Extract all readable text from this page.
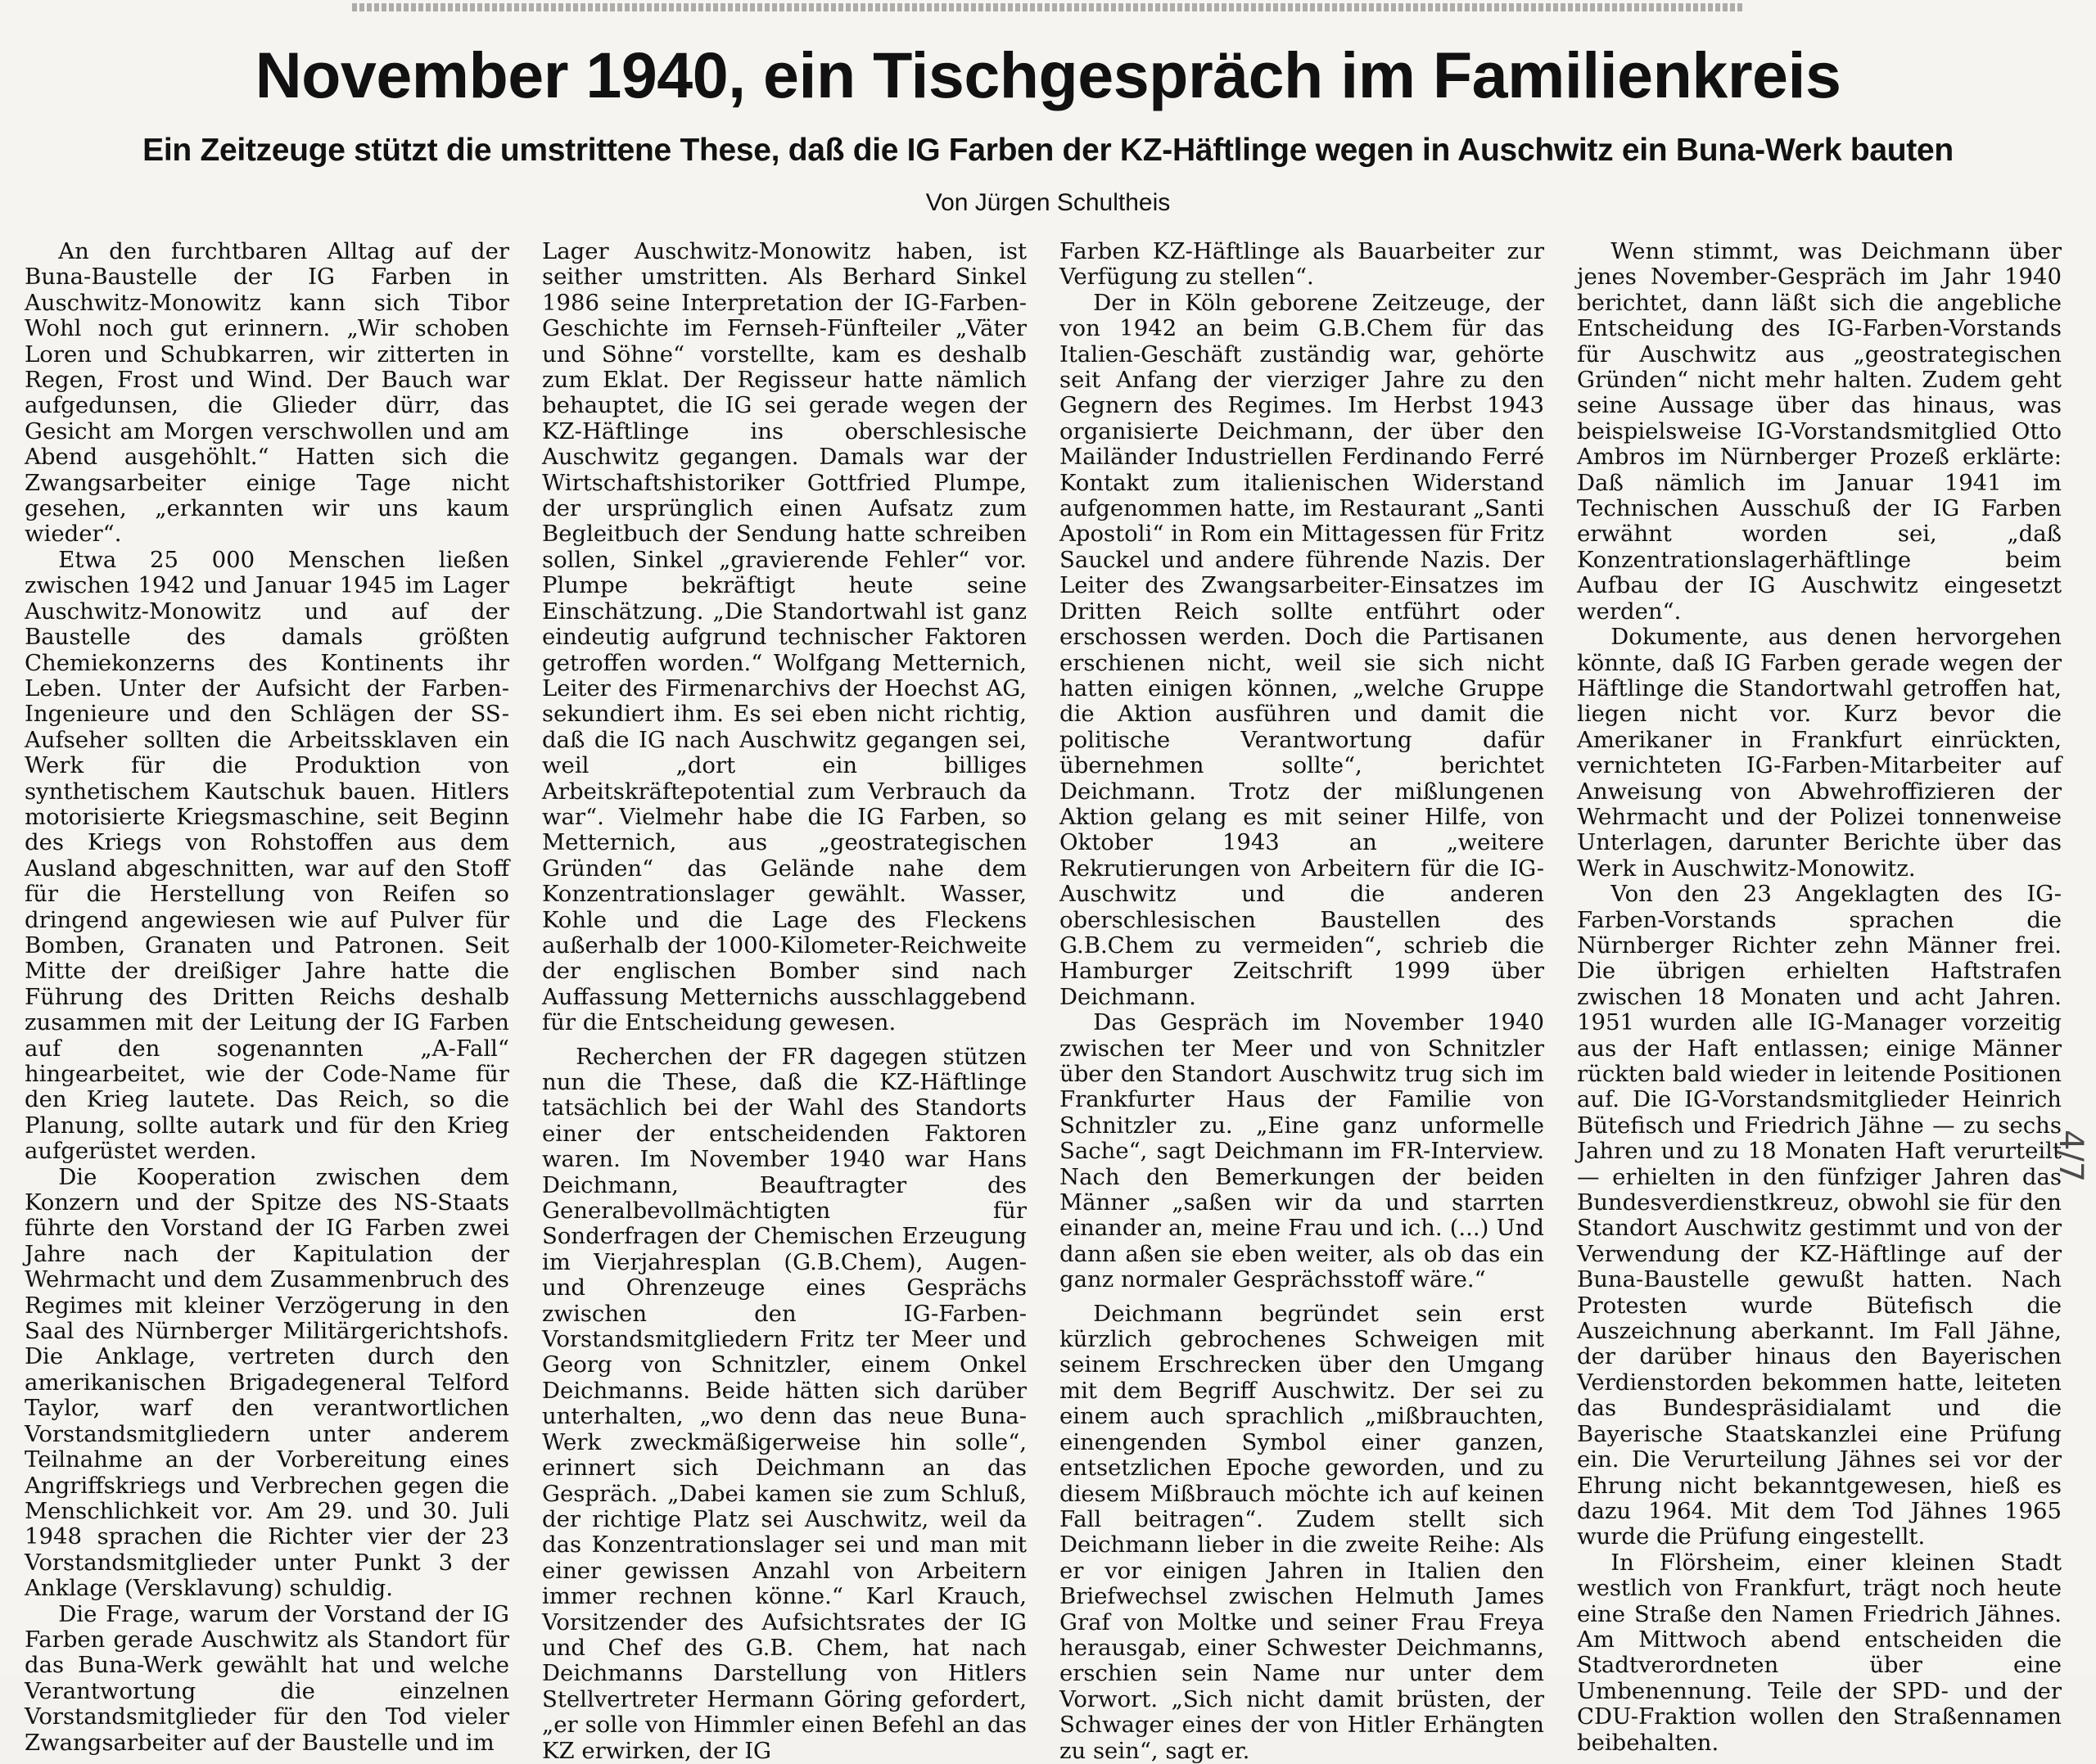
November 1940, ein Tischgespräch im Familienkreis
Ein Zeitzeuge stützt die umstrittene These, daß die IG Farben der KZ-Häftlinge wegen in Auschwitz ein Buna-Werk bauten
Von Jürgen Schultheis

An den furchtbaren Alltag auf der Buna-Baustelle der IG Farben in Auschwitz-Monowitz kann sich Tibor Wohl noch gut erinnern. „Wir schoben Loren und Schubkarren, wir zitterten in Regen, Frost und Wind. Der Bauch war aufgedunsen, die Glieder dürr, das Gesicht am Morgen verschwollen und am Abend ausgehöhlt.“ Hatten sich die Zwangsarbeiter einige Tage nicht gesehen, „erkannten wir uns kaum wieder“.

Etwa 25 000 Menschen ließen zwischen 1942 und Januar 1945 im Lager Auschwitz-Monowitz und auf der Baustelle des damals größten Chemiekonzerns des Kontinents ihr Leben. Unter der Aufsicht der Farben-Ingenieure und den Schlägen der SS-Aufseher sollten die Arbeitssklaven ein Werk für die Produktion von synthetischem Kautschuk bauen. Hitlers motorisierte Kriegsmaschine, seit Beginn des Kriegs von Rohstoffen aus dem Ausland abgeschnitten, war auf den Stoff für die Herstellung von Reifen so dringend angewiesen wie auf Pulver für Bomben, Granaten und Patronen. Seit Mitte der dreißiger Jahre hatte die Führung des Dritten Reichs deshalb zusammen mit der Leitung der IG Farben auf den sogenannten „A-Fall“ hingearbeitet, wie der Code-Name für den Krieg lautete. Das Reich, so die Planung, sollte autark und für den Krieg aufgerüstet werden.

Die Kooperation zwischen dem Konzern und der Spitze des NS-Staats führte den Vorstand der IG Farben zwei Jahre nach der Kapitulation der Wehrmacht und dem Zusammenbruch des Regimes mit kleiner Verzögerung in den Saal des Nürnberger Militärgerichtshofs. Die Anklage, vertreten durch den amerikanischen Brigadegeneral Telford Taylor, warf den verantwortlichen Vorstandsmitgliedern unter anderem Teilnahme an der Vorbereitung eines Angriffskriegs und Verbrechen gegen die Menschlichkeit vor. Am 29. und 30. Juli 1948 sprachen die Richter vier der 23 Vorstandsmitglieder unter Punkt 3 der Anklage (Versklavung) schuldig.

Die Frage, warum der Vorstand der IG Farben gerade Auschwitz als Standort für das Buna-Werk gewählt hat und welche Verantwortung die einzelnen Vorstandsmitglieder für den Tod vieler Zwangsarbeiter auf der Baustelle und im

Lager Auschwitz-Monowitz haben, ist seither umstritten. Als Berhard Sinkel 1986 seine Interpretation der IG-Farben-Geschichte im Fernseh-Fünfteiler „Väter und Söhne“ vorstellte, kam es deshalb zum Eklat. Der Regisseur hatte nämlich behauptet, die IG sei gerade wegen der KZ-Häftlinge ins oberschlesische Auschwitz gegangen. Damals war der Wirtschaftshistoriker Gottfried Plumpe, der ursprünglich einen Aufsatz zum Begleitbuch der Sendung hatte schreiben sollen, Sinkel „gravierende Fehler“ vor. Plumpe bekräftigt heute seine Einschätzung. „Die Standortwahl ist ganz eindeutig aufgrund technischer Faktoren getroffen worden.“ Wolfgang Metternich, Leiter des Firmenarchivs der Hoechst AG, sekundiert ihm. Es sei eben nicht richtig, daß die IG nach Auschwitz gegangen sei, weil „dort ein billiges Arbeitskräftepotential zum Verbrauch da war“. Vielmehr habe die IG Farben, so Metternich, aus „geostrategischen Gründen“ das Gelände nahe dem Konzentrationslager gewählt. Wasser, Kohle und die Lage des Fleckens außerhalb der 1000-Kilometer-Reichweite der englischen Bomber sind nach Auffassung Metternichs ausschlaggebend für die Entscheidung gewesen.

Recherchen der FR dagegen stützen nun die These, daß die KZ-Häftlinge tatsächlich bei der Wahl des Standorts einer der entscheidenden Faktoren waren. Im November 1940 war Hans Deichmann, Beauftragter des Generalbevollmächtigten für Sonderfragen der Chemischen Erzeugung im Vierjahresplan (G.B.Chem), Augen- und Ohrenzeuge eines Gesprächs zwischen den IG-Farben-Vorstandsmitgliedern Fritz ter Meer und Georg von Schnitzler, einem Onkel Deichmanns. Beide hätten sich darüber unterhalten, „wo denn das neue Buna-Werk zweckmäßigerweise hin solle“, erinnert sich Deichmann an das Gespräch. „Dabei kamen sie zum Schluß, der richtige Platz sei Auschwitz, weil da das Konzentrationslager sei und man mit einer gewissen Anzahl von Arbeitern immer rechnen könne.“ Karl Krauch, Vorsitzender des Aufsichtsrates der IG und Chef des G.B. Chem, hat nach Deichmanns Darstellung von Hitlers Stellvertreter Hermann Göring gefordert, „er solle von Himmler einen Befehl an das KZ erwirken, der IG

Farben KZ-Häftlinge als Bauarbeiter zur Verfügung zu stellen“.

Der in Köln geborene Zeitzeuge, der von 1942 an beim G.B.Chem für das Italien-Geschäft zuständig war, gehörte seit Anfang der vierziger Jahre zu den Gegnern des Regimes. Im Herbst 1943 organisierte Deichmann, der über den Mailänder Industriellen Ferdinando Ferré Kontakt zum italienischen Widerstand aufgenommen hatte, im Restaurant „Santi Apostoli“ in Rom ein Mittagessen für Fritz Sauckel und andere führende Nazis. Der Leiter des Zwangsarbeiter-Einsatzes im Dritten Reich sollte entführt oder erschossen werden. Doch die Partisanen erschienen nicht, weil sie sich nicht hatten einigen können, „welche Gruppe die Aktion ausführen und damit die politische Verantwortung dafür übernehmen sollte“, berichtet Deichmann. Trotz der mißlungenen Aktion gelang es mit seiner Hilfe, von Oktober 1943 an „weitere Rekrutierungen von Arbeitern für die IG-Auschwitz und die anderen oberschlesischen Baustellen des G.B.Chem zu vermeiden“, schrieb die Hamburger Zeitschrift 1999 über Deichmann.

Das Gespräch im November 1940 zwischen ter Meer und von Schnitzler über den Standort Auschwitz trug sich im Frankfurter Haus der Familie von Schnitzler zu. „Eine ganz unformelle Sache“, sagt Deichmann im FR-Interview. Nach den Bemerkungen der beiden Männer „saßen wir da und starrten einander an, meine Frau und ich. (...) Und dann aßen sie eben weiter, als ob das ein ganz normaler Gesprächsstoff wäre.“

Deichmann begründet sein erst kürzlich gebrochenes Schweigen mit seinem Erschrecken über den Umgang mit dem Begriff Auschwitz. Der sei zu einem auch sprachlich „mißbrauchten, einengenden Symbol einer ganzen, entsetzlichen Epoche geworden, und zu diesem Mißbrauch möchte ich auf keinen Fall beitragen“. Zudem stellt sich Deichmann lieber in die zweite Reihe: Als er vor einigen Jahren in Italien den Briefwechsel zwischen Helmuth James Graf von Moltke und seiner Frau Freya herausgab, einer Schwester Deichmanns, erschien sein Name nur unter dem Vorwort. „Sich nicht damit brüsten, der Schwager eines der von Hitler Erhängten zu sein“, sagt er.

Wenn stimmt, was Deichmann über jenes November-Gespräch im Jahr 1940 berichtet, dann läßt sich die angebliche Entscheidung des IG-Farben-Vorstands für Auschwitz aus „geostrategischen Gründen“ nicht mehr halten. Zudem geht seine Aussage über das hinaus, was beispielsweise IG-Vorstandsmitglied Otto Ambros im Nürnberger Prozeß erklärte: Daß nämlich im Januar 1941 im Technischen Ausschuß der IG Farben erwähnt worden sei, „daß Konzentrationslagerhäftlinge beim Aufbau der IG Auschwitz eingesetzt werden“.

Dokumente, aus denen hervorgehen könnte, daß IG Farben gerade wegen der Häftlinge die Standortwahl getroffen hat, liegen nicht vor. Kurz bevor die Amerikaner in Frankfurt einrückten, vernichteten IG-Farben-Mitarbeiter auf Anweisung von Abwehroffizieren der Wehrmacht und der Polizei tonnenweise Unterlagen, darunter Berichte über das Werk in Auschwitz-Monowitz.

Von den 23 Angeklagten des IG-Farben-Vorstands sprachen die Nürnberger Richter zehn Männer frei. Die übrigen erhielten Haftstrafen zwischen 18 Monaten und acht Jahren. 1951 wurden alle IG-Manager vorzeitig aus der Haft entlassen; einige Männer rückten bald wieder in leitende Positionen auf. Die IG-Vorstandsmitglieder Heinrich Bütefisch und Friedrich Jähne — zu sechs Jahren und zu 18 Monaten Haft verurteilt — erhielten in den fünfziger Jahren das Bundesverdienstkreuz, obwohl sie für den Standort Auschwitz gestimmt und von der Verwendung der KZ-Häftlinge auf der Buna-Baustelle gewußt hatten. Nach Protesten wurde Bütefisch die Auszeichnung aberkannt. Im Fall Jähne, der darüber hinaus den Bayerischen Verdienstorden bekommen hatte, leiteten das Bundespräsidialamt und die Bayerische Staatskanzlei eine Prüfung ein. Die Verurteilung Jähnes sei vor der Ehrung nicht bekanntgewesen, hieß es dazu 1964. Mit dem Tod Jähnes 1965 wurde die Prüfung eingestellt.

In Flörsheim, einer kleinen Stadt westlich von Frankfurt, trägt noch heute eine Straße den Namen Friedrich Jähnes. Am Mittwoch abend entscheiden die Stadtverordneten über eine Umbenennung. Teile der SPD- und der CDU-Fraktion wollen den Straßennamen beibehalten.

4/7
